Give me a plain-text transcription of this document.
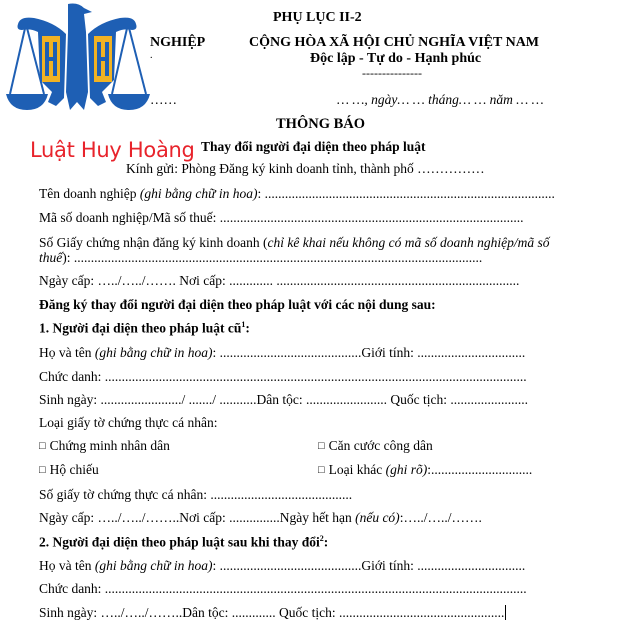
Luật Huy Hoàng
PHỤ LỤC II-2
NGHIỆP
.
……
CỘNG HÒA XÃ HỘI CHỦ NGHĨA VIỆT NAM
Độc lập - Tự do - Hạnh phúc
---------------
… …, ngày… … tháng… … năm … …
THÔNG BÁO
Thay đổi người đại diện theo pháp luật
Kính gửi: Phòng Đăng ký kinh doanh tỉnh, thành phố ……………
Tên doanh nghiệp (ghi bằng chữ in hoa): ......................................................................................
Mã số doanh nghiệp/Mã số thuế: ..........................................................................................
Số Giấy chứng nhận đăng ký kinh doanh (chỉ kê khai nếu không có mã số doanh nghiệp/mã số
thuế): .........................................................................................................................
Ngày cấp: …../…../……. Nơi cấp: ............. ........................................................................
Đăng ký thay đổi người đại diện theo pháp luật với các nội dung sau:
1. Người đại diện theo pháp luật $cũ^1$:
Họ và tên (ghi bằng chữ in hoa): ..........................................Giới tính: ................................
Chức danh: .............................................................................................................................
Sinh ngày: ......................../ ......./ ...........Dân tộc: ........................ Quốc tịch: .......................
Loại giấy tờ chứng thực cá nhân:
□ Chứng minh nhân dân	□ Căn cước công dân
□ Hộ chiếu	□ Loại khác (ghi rõ):..............................
Số giấy tờ chứng thực cá nhân: ..........................................
Ngày cấp: …../…../……..Nơi cấp: ...............Ngày hết hạn (nếu có):…../…../…….
2. Người đại diện theo pháp luật sau khi thay đổi$^2$:
Họ và tên (ghi bằng chữ in hoa): ..........................................Giới tính: ................................
Chức danh: .............................................................................................................................
Sinh ngày: …../…../……..Dân tộc: ............. Quốc tịch: .................................................
